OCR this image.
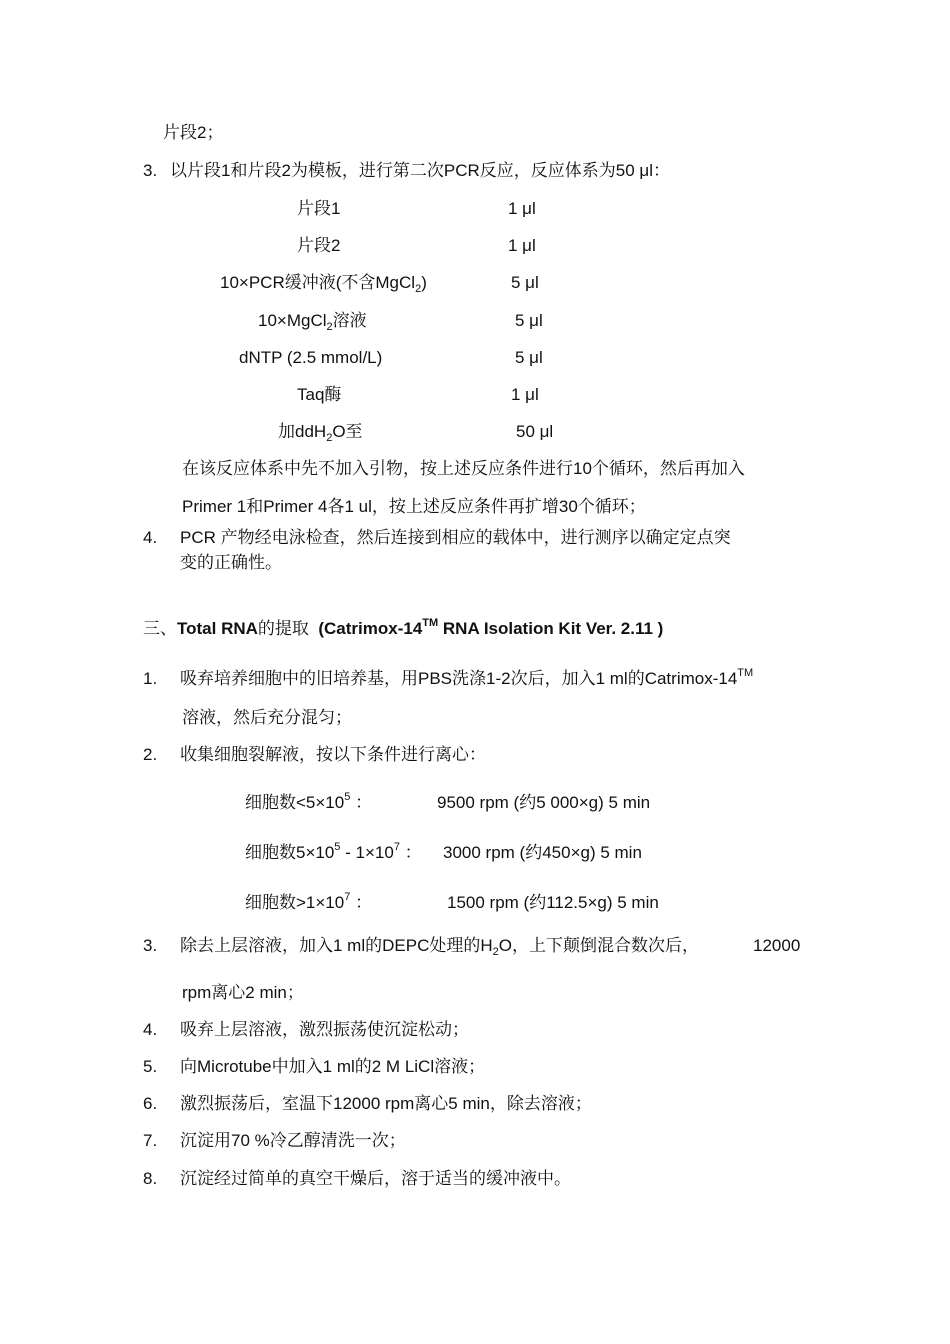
片段2；
3. 以片段1和片段2为模板，进行第二次PCR反应，反应体系为50 μl：
片段1	1 μl
片段2	1 μl
10×PCR缓冲液(不含MgCl$_2$)	5 μl
10×MgCl$_2$溶液	5 μl
dNTP (2.5 mmol/L)	5 μl
Taq酶	1 μl
加ddH$_2$O至	50 μl
在该反应体系中先不加入引物，按上述反应条件进行10个循环，然后再加入
Primer 1和Primer 4各1 ul，按上述反应条件再扩增30个循环；
4. PCR 产物经电泳检查，然后连接到相应的载体中，进行测序以确定定点突
变的正确性。
三、Total RNA的提取 (Catrimox-14™ RNA Isolation Kit Ver. 2.11 )
1. 吸弃培养细胞中的旧培养基，用PBS洗涤1-2次后，加入1 ml的Catrimox-14™
溶液，然后充分混匀；
2. 收集细胞裂解液，按以下条件进行离心：
细胞数$<5\times 10^5$ ：	9500 rpm (约5 000×g) 5 min
细胞数$5\times 10^5 - 1\times 10^7$ ： 3000 rpm (约450×g) 5 min
细胞数$>1\times 10^7$ ：	1500 rpm (约112.5×g) 5 min
3. 除去上层溶液，加入1 ml的DEPC处理的$H_2O$，上下颠倒混合数次后，	12000
rpm离心2 min；
4. 吸弃上层溶液，激烈振荡使沉淀松动；
5. 向Microtube中加入1 ml的2 M LiCl溶液；
6. 激烈振荡后，室温下12000 rpm离心5 min，除去溶液；
7. 沉淀用70 %冷乙醇清洗一次；
8. 沉淀经过简单的真空干燥后，溶于适当的缓冲液中。
